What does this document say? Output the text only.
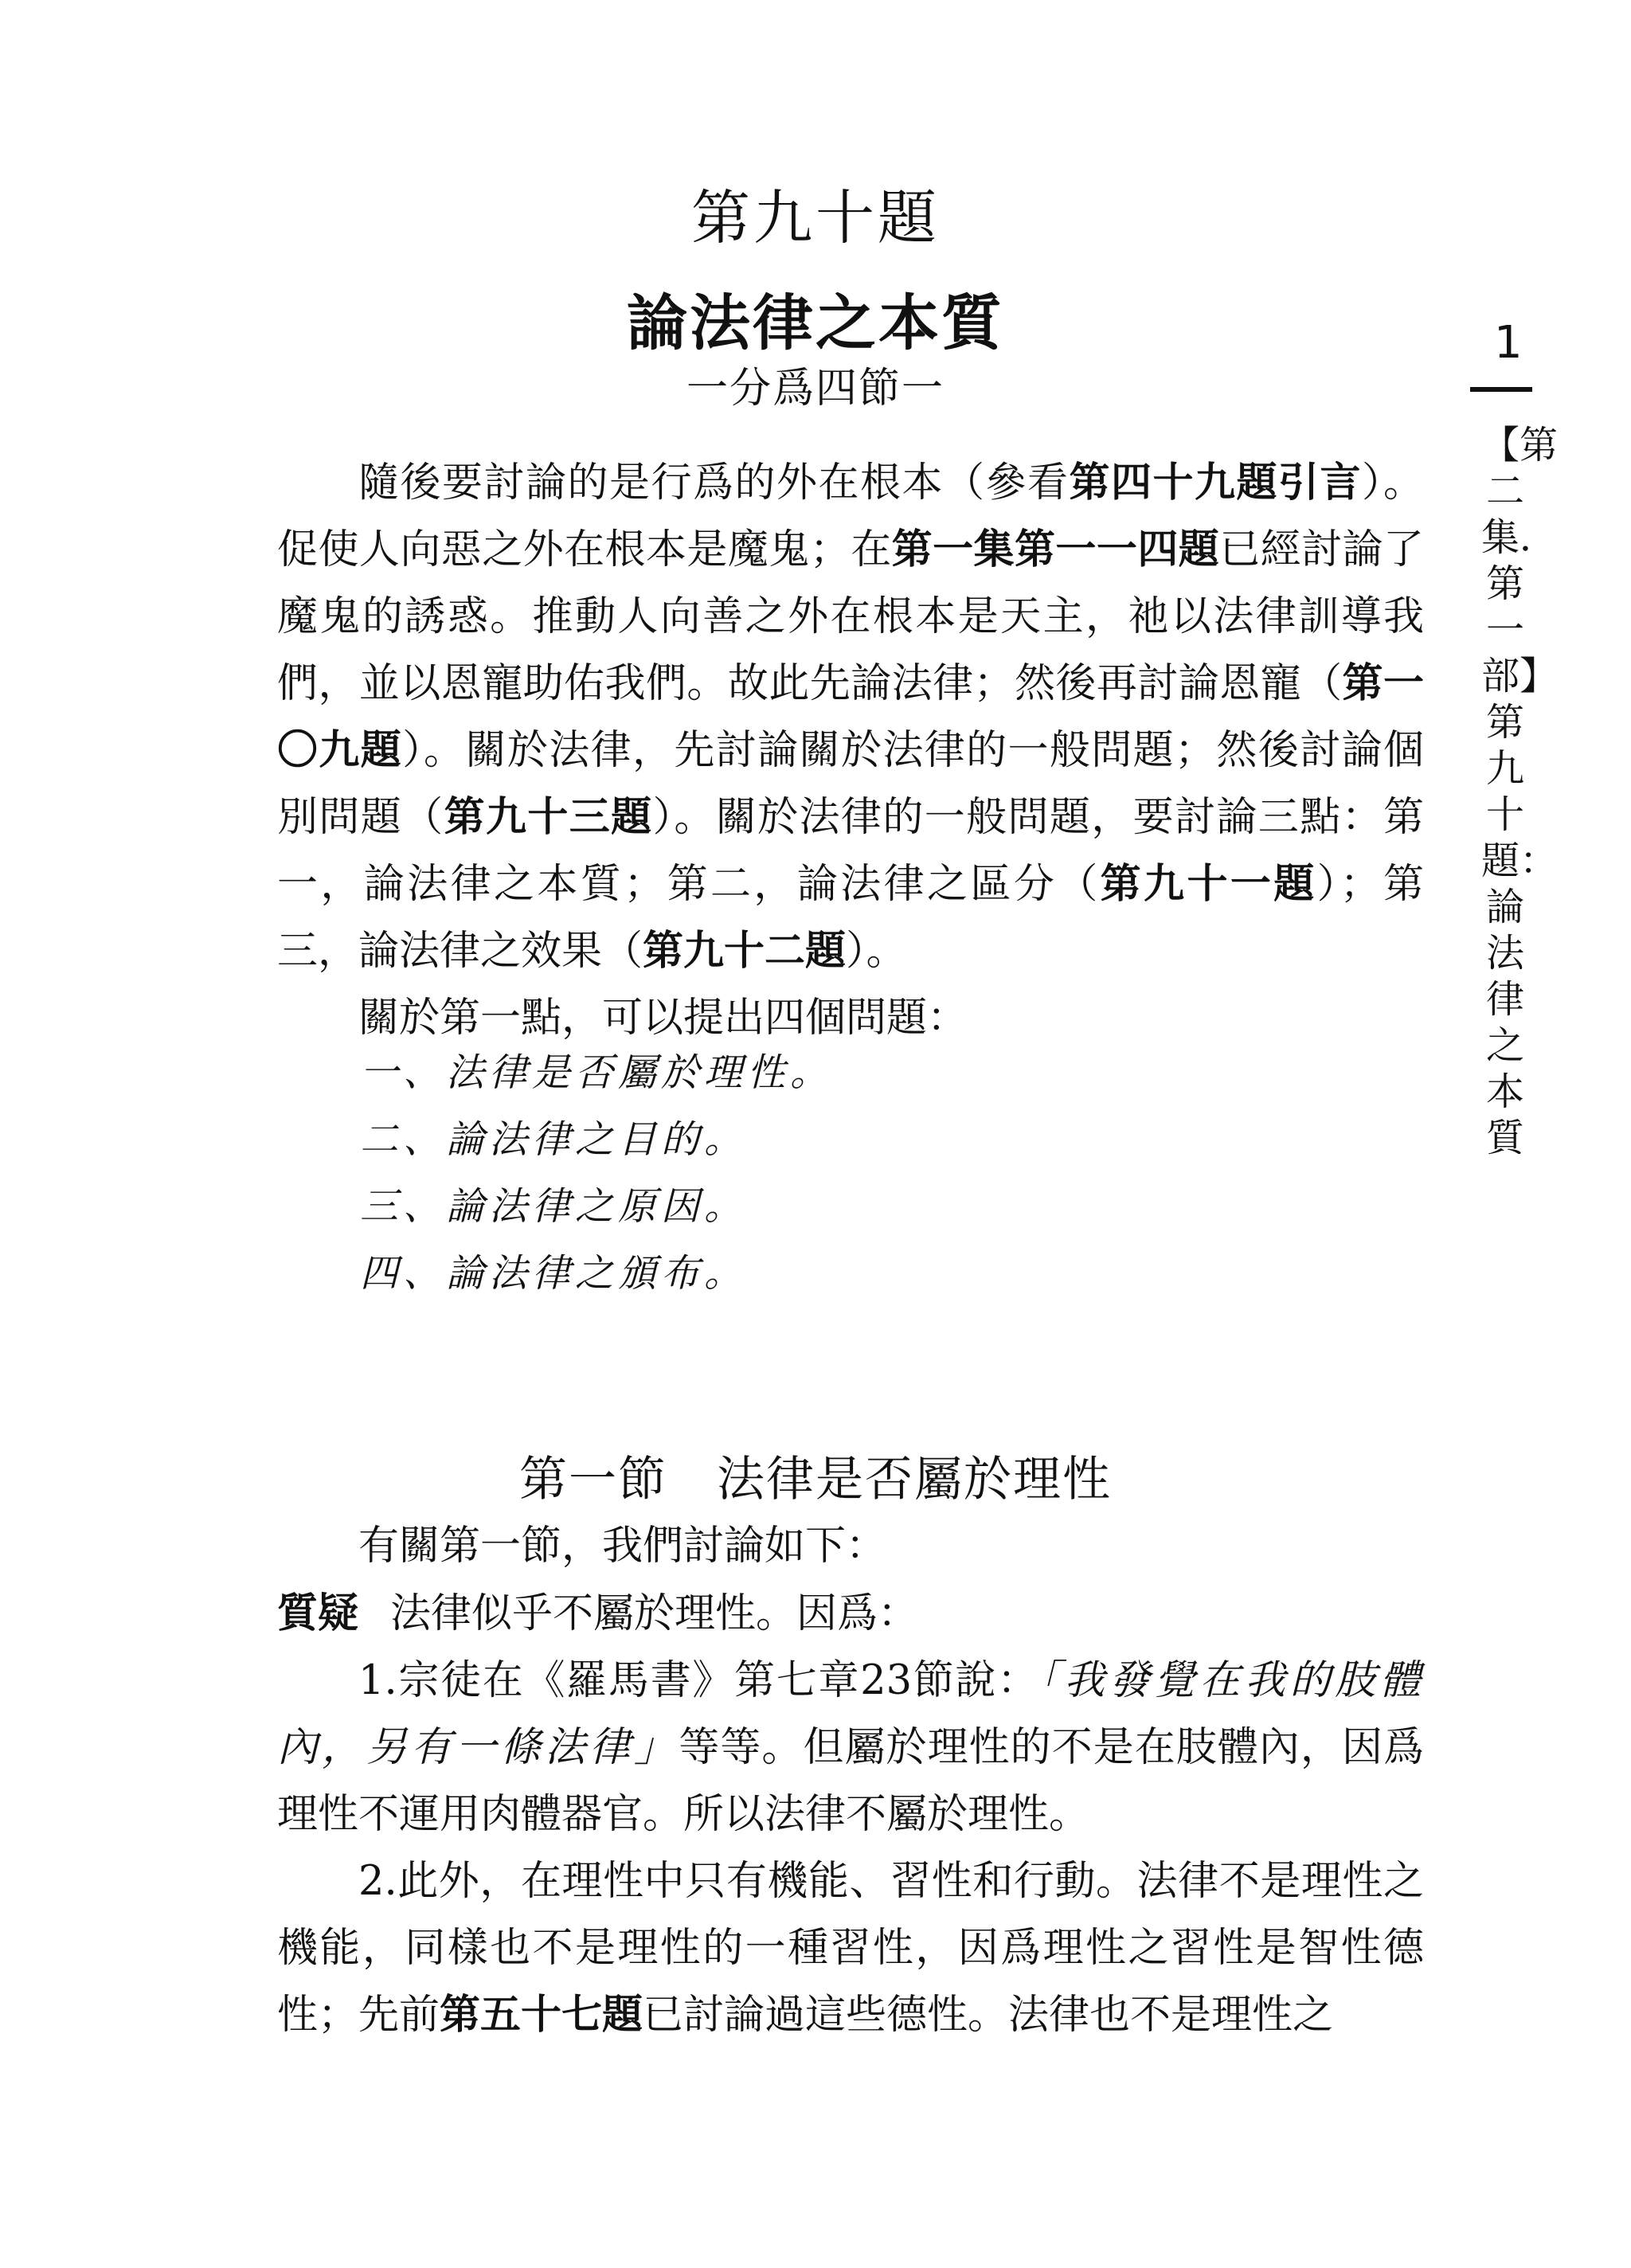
第九十題
論法律之本質
一分爲四節一

隨後要討論的是行爲的外在根本（參看第四十九題引言）。促使人向惡之外在根本是魔鬼；在第一集第一一四題已經討論了魔鬼的誘惑。推動人向善之外在根本是天主，祂以法律訓導我們，並以恩寵助佑我們。故此先論法律；然後再討論恩寵（第一〇九題）。關於法律，先討論關於法律的一般問題；然後討論個別問題（第九十三題）。關於法律的一般問題，要討論三點：第一，論法律之本質；第二，論法律之區分（第九十一題）；第三，論法律之效果（第九十二題）。

關於第一點，可以提出四個問題：

一、法律是否屬於理性。
二、論法律之目的。
三、論法律之原因。
四、論法律之頒布。
第一節　法律是否屬於理性

有關第一節，我們討論如下：

質疑 法律似乎不屬於理性。因爲：

1.宗徒在《羅馬書》第七章23節說：「我發覺在我的肢體內，另有一條法律」等等。但屬於理性的不是在肢體內，因爲理性不運用肉體器官。所以法律不屬於理性。

2.此外，在理性中只有機能、習性和行動。法律不是理性之機能，同樣也不是理性的一種習性，因爲理性之習性是智性德性；先前第五十七題已討論過這些德性。法律也不是理性之

1
【第二集．第一部】第九十題：論法律之本質
